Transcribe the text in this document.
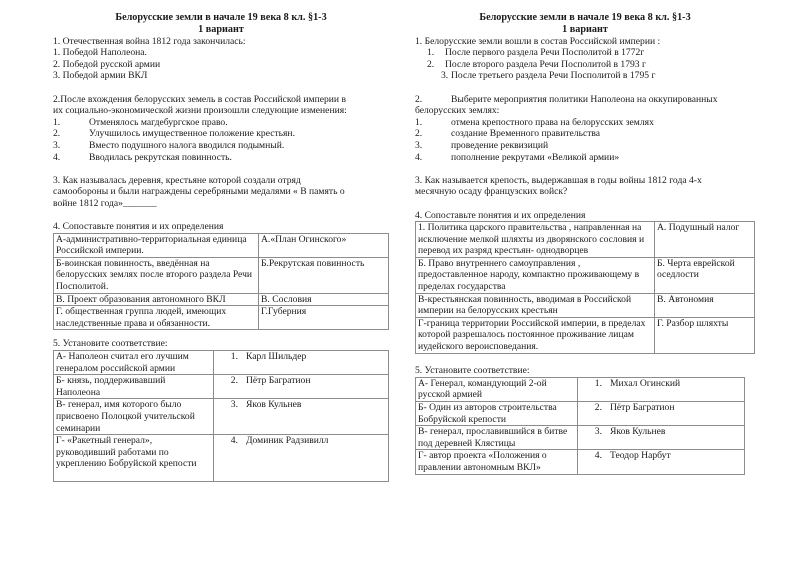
Белорусские земли в начале 19 века 8 кл. §1-3
1 вариант
1. Отечественная война 1812 года закончилась:
1. Победой Наполеона.
2. Победой русской армии
3. Победой армии ВКЛ
2.После вхождения белорусских земель в состав Российской империи в
их социально-экономической жизни произошли следующие изменения:
1.	Отменялось магдебургское право.
2.	Улучшилось имущественное положение крестьян.
3.	Вместо подушного налога вводился подымный.
4.	Вводилась рекрутская повинность.
3. Как называлась деревня, крестьяне которой создали отряд
самообороны и были награждены серебряными медалями « В память о
войне 1812 года»_______
4. Сопоставьте понятия и их определения
А-административно-территориальная единица Российской империи.	А.«План Огинского»
Б-воинская повинность, введённая на белорусских землях после второго раздела Речи Посполитой.	Б.Рекрутская повинность
В. Проект образования автономного ВКЛ	В. Сословия
Г. общественная группа людей, имеющих наследственные права и обязанности.	Г.Губерния
5. Установите соответствие:
А- Наполеон считал его лучшим генералом российской армии	1. Карл Шильдер
Б- князь, поддерживавший Наполеона	2. Пётр Багратион
В- генерал, имя которого было присвоено Полоцкой учительской семинарии	3. Яков Кульнев
Г- «Ракетный генерал», руководивший работами по укреплению Бобруйской крепости	4. Доминик Радзивилл
Белорусские земли в начале 19 века 8 кл. §1-3
1 вариант
1. Белорусские земли вошли в состав Российской империи :
1.	После первого раздела Речи Посполитой в 1772г
2.	После второго раздела Речи Посполитой в 1793 г
3. После третьего раздела Речи Посполитой в 1795 г
2.	Выберите мероприятия политики Наполеона на оккупированных
белорусских землях:
1.	отмена крепостного права на белорусских землях
2.	создание Временного правительства
3.	проведение реквизиций
4.	пополнение рекрутами «Великой армии»
3. Как называется крепость, выдержавшая в годы войны 1812 года 4-х
месячную осаду французских войск?
4. Сопоставьте понятия и их определения
1. Политика царского правительства , направленная на исключение мелкой шляхты из дворянского сословия и перевод их разряд крестьян- однодворцев	А. Подушный налог
Б. Право внутреннего самоуправления , предоставленное народу, компактно проживающему в пределах государства	Б. Черта еврейской оседлости
В-крестьянская повинность, вводимая в Российской империи на белорусских крестьян	В. Автономия
Г-граница территории Российской империи, в пределах которой разрешалось постоянное проживание лицам иудейского вероисповедания.	Г. Разбор шляхты
5. Установите соответствие:
А- Генерал, командующий 2-ой русской армией	1. Михал Огинский
Б- Один из авторов строительства Бобруйской крепости	2. Пётр Багратион
В- генерал, прославившийся в битве под деревней Клястицы	3. Яков Кульнев
Г- автор проекта «Положения о правлении автономным ВКЛ»	4. Теодор Нарбут
